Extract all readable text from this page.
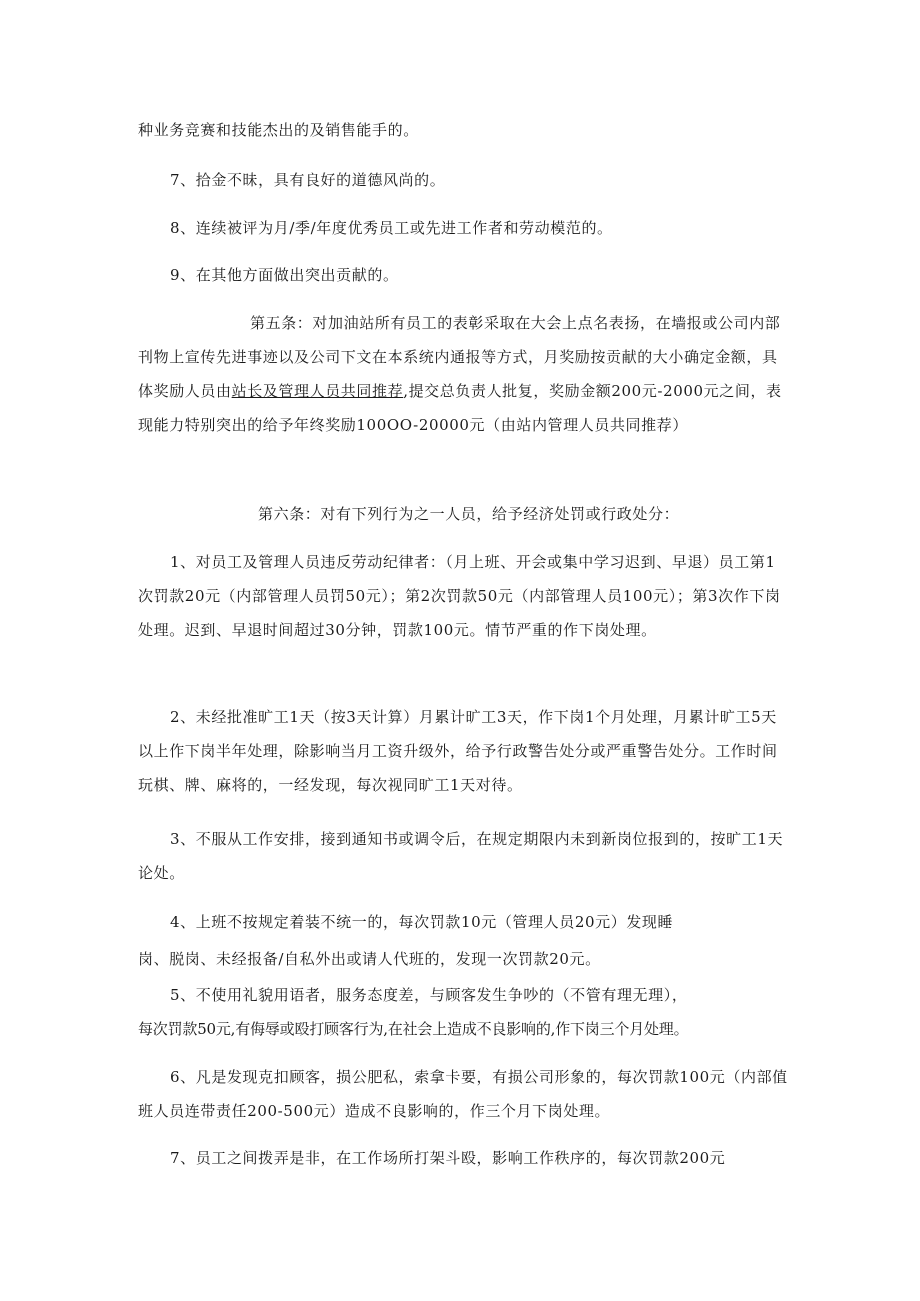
种业务竞赛和技能杰出的及销售能手的。
7、拾金不昧，具有良好的道德风尚的。
8、连续被评为月/季/年度优秀员工或先进工作者和劳动模范的。
9、在其他方面做出突出贡献的。
第五条：对加油站所有员工的表彰采取在大会上点名表扬，在墙报或公司内部刊物上宣传先进事迹以及公司下文在本系统内通报等方式，月奖励按贡献的大小确定金额，具体奖励人员由站长及管理人员共同推荐,提交总负责人批复，奖励金额200元-2000元之间，表现能力特别突出的给予年终奖励100OO-20000元（由站内管理人员共同推荐）
第六条：对有下列行为之一人员，给予经济处罚或行政处分：
1、对员工及管理人员违反劳动纪律者：（月上班、开会或集中学习迟到、早退）员工第1次罚款20元（内部管理人员罚50元）；第2次罚款50元（内部管理人员100元）；第3次作下岗处理。迟到、早退时间超过30分钟，罚款100元。情节严重的作下岗处理。
2、未经批准旷工1天（按3天计算）月累计旷工3天，作下岗1个月处理，月累计旷工5天以上作下岗半年处理，除影响当月工资升级外，给予行政警告处分或严重警告处分。工作时间玩棋、牌、麻将的，一经发现，每次视同旷工1天对待。
3、不服从工作安排，接到通知书或调令后，在规定期限内未到新岗位报到的，按旷工1天论处。
4、上班不按规定着装不统一的，每次罚款10元（管理人员20元）发现睡
岗、脱岗、未经报备/自私外出或请人代班的，发现一次罚款20元。
5、不使用礼貌用语者，服务态度差，与顾客发生争吵的（不管有理无理），
每次罚款50元,有侮辱或殴打顾客行为,在社会上造成不良影响的,作下岗三个月处理。
6、凡是发现克扣顾客，损公肥私，索拿卡要，有损公司形象的，每次罚款100元（内部值班人员连带责任200-500元）造成不良影响的，作三个月下岗处理。
7、员工之间拨弄是非，在工作场所打架斗殴，影响工作秩序的，每次罚款200元
